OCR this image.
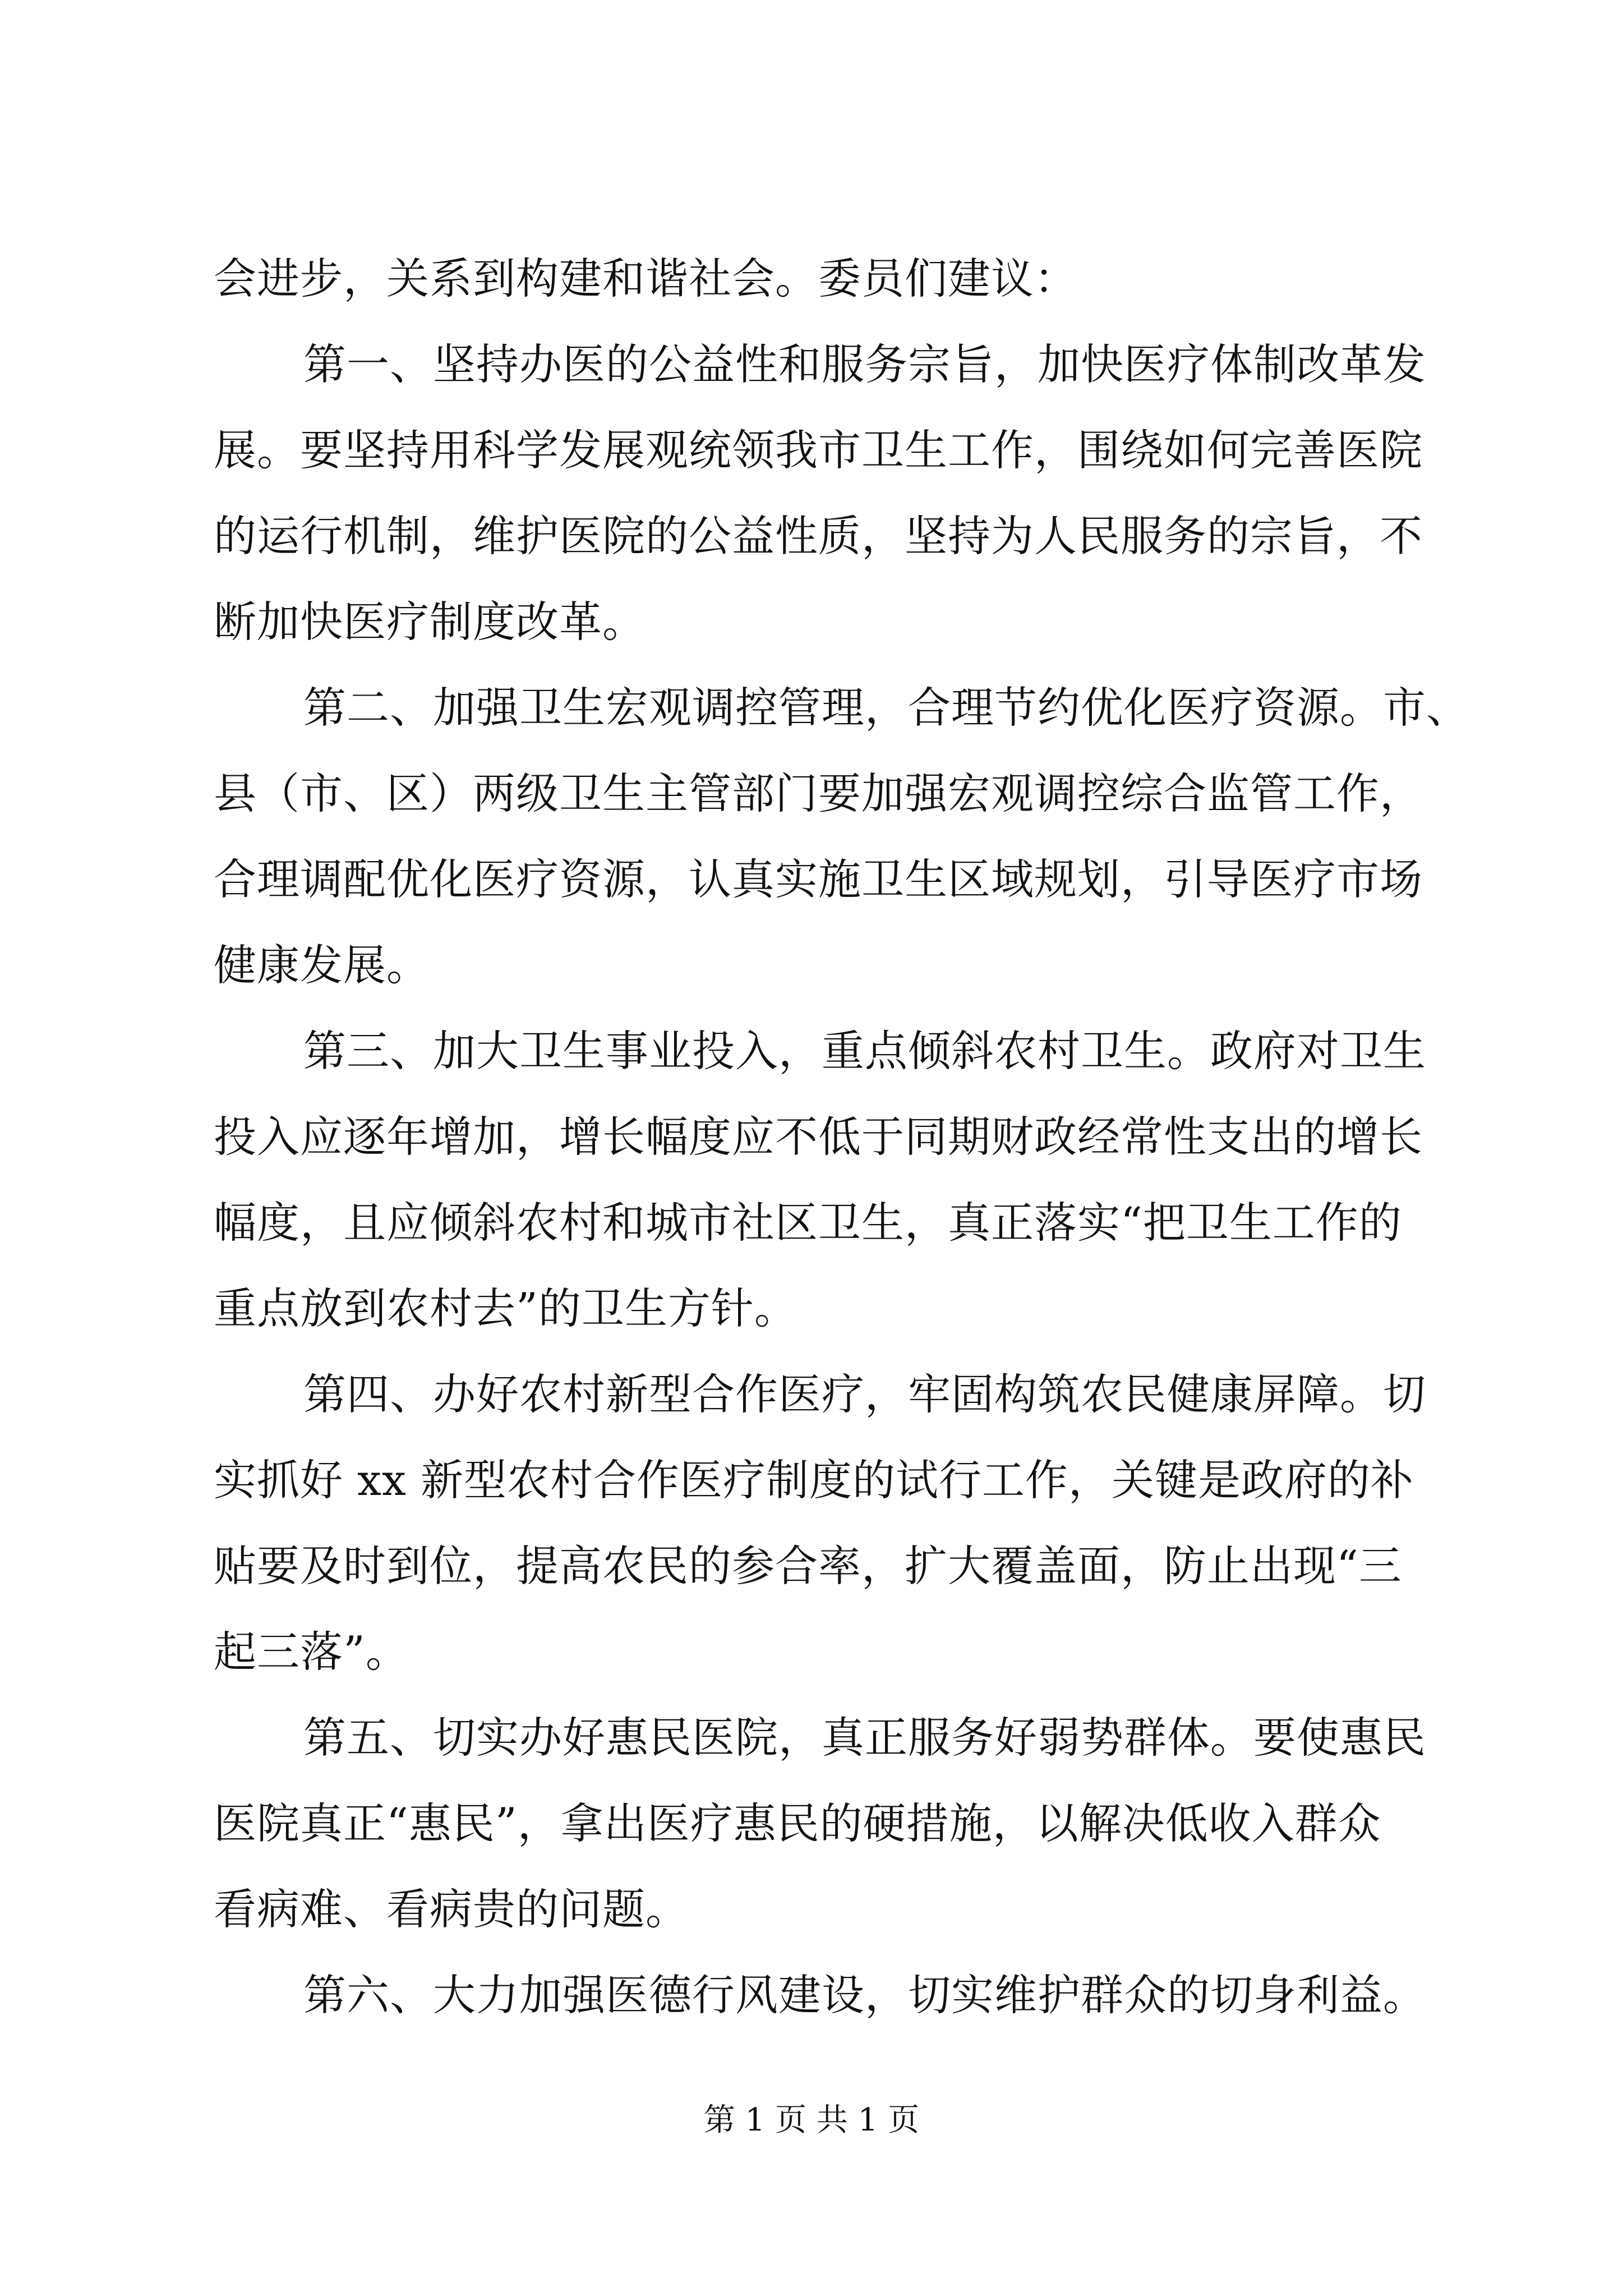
会进步，关系到构建和谐社会。委员们建议：
第一、坚持办医的公益性和服务宗旨，加快医疗体制改革发
展。要坚持用科学发展观统领我市卫生工作，围绕如何完善医院
的运行机制，维护医院的公益性质，坚持为人民服务的宗旨，不
断加快医疗制度改革。
第二、加强卫生宏观调控管理，合理节约优化医疗资源。市、
县（市、区）两级卫生主管部门要加强宏观调控综合监管工作，
合理调配优化医疗资源，认真实施卫生区域规划，引导医疗市场
健康发展。
第三、加大卫生事业投入，重点倾斜农村卫生。政府对卫生
投入应逐年增加，增长幅度应不低于同期财政经常性支出的增长
幅度，且应倾斜农村和城市社区卫生，真正落实“把卫生工作的
重点放到农村去”的卫生方针。
第四、办好农村新型合作医疗，牢固构筑农民健康屏障。切
实抓好 xx 新型农村合作医疗制度的试行工作，关键是政府的补
贴要及时到位，提高农民的参合率，扩大覆盖面，防止出现“三
起三落”。
第五、切实办好惠民医院，真正服务好弱势群体。要使惠民
医院真正“惠民”，拿出医疗惠民的硬措施，以解决低收入群众
看病难、看病贵的问题。
第六、大力加强医德行风建设，切实维护群众的切身利益。
第 1 页 共 1 页
